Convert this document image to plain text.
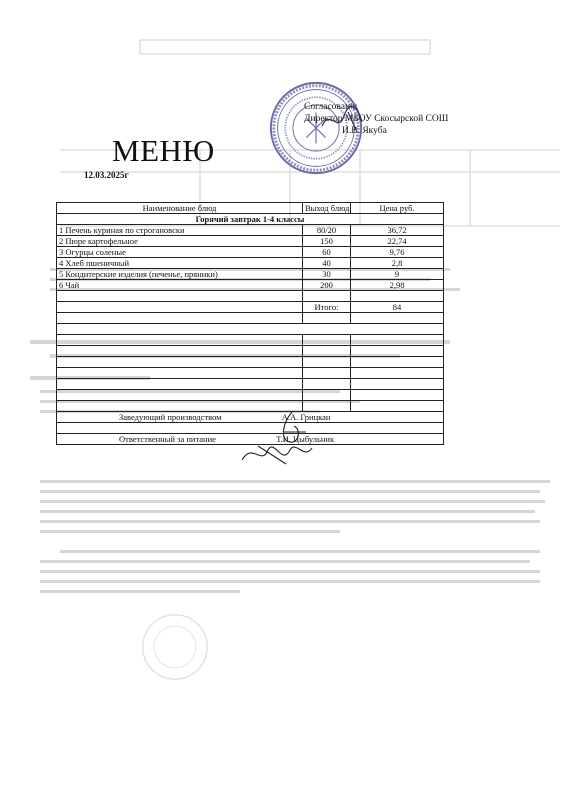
Согласовано:
Директор МБОУ Скосырской СОШ
И.В. Якуба
МЕНЮ
12.03.2025г
Наименование блюд	Выход блюд	Цена руб.
Горячий завтрак 1-4 классы		
1 Печень куриная по строгановски	80/20	36,72
2 Пюре картофельное	150	22,74
3 Огурцы соленые	60	9,76
4 Хлеб пшеничный	40	2,8
5 Кондитерские изделия (печенье, пряники)	30	9
6 Чай	200	2,98

	Итого:	84

Заведующий производством А.А. Грицкан		

Ответственный за питание Т.И. Цыбульник		
